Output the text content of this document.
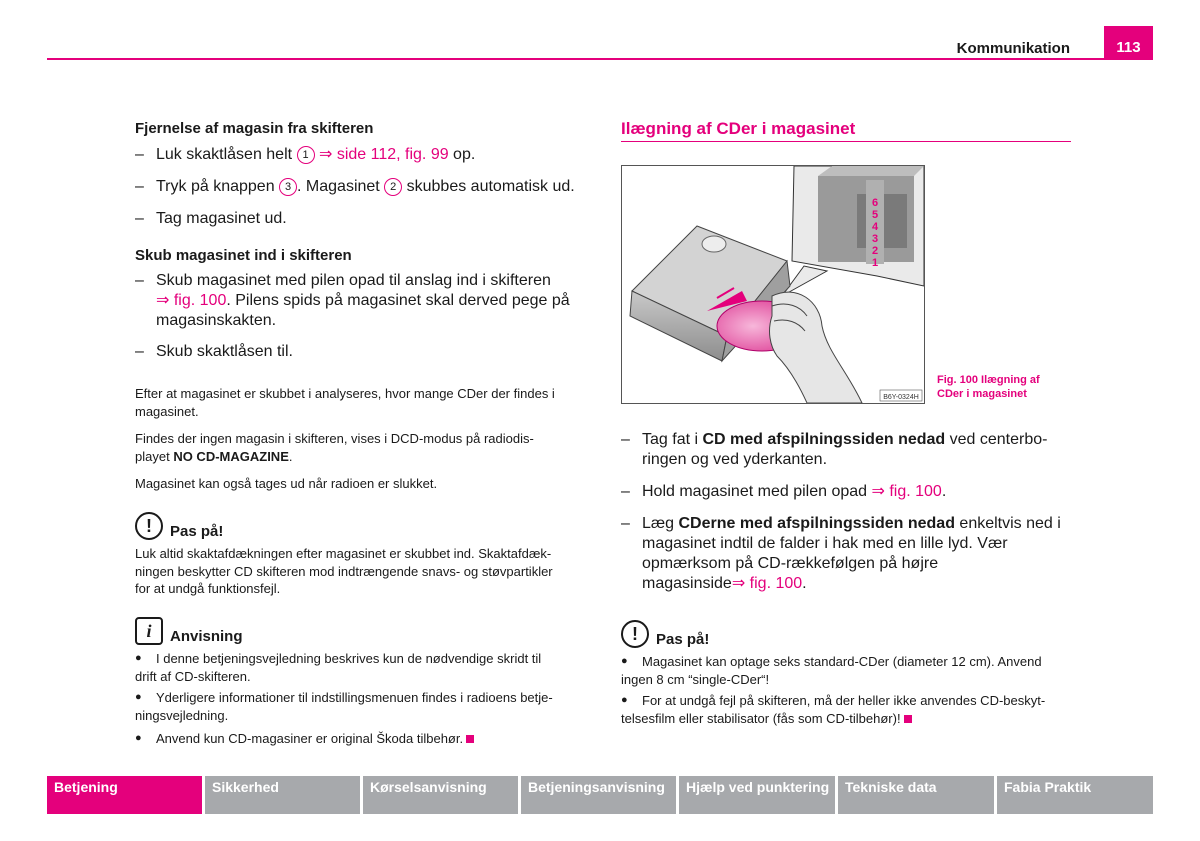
Kommunikation	113
Fjernelse af magasin fra skifteren
– Luk skaktlåsen helt 1 ⇒ side 112, fig. 99 op.
– Tryk på knappen 3 . Magasinet 2 skubbes automatisk ud.
– Tag magasinet ud.
Skub magasinet ind i skifteren
– Skub magasinet med pilen opad til anslag ind i skifteren
⇒ fig. 100. Pilens spids på magasinet skal derved pege på
magasinskakten.
– Skub skaktlåsen til.
Efter at magasinet er skubbet i analyseres, hvor mange CDer der findes i
magasinet.
Findes der ingen magasin i skifteren, vises i DCD-modus på radiodis-
playet NO CD-MAGAZINE.
Magasinet kan også tages ud når radioen er slukket.
!	Pas på!
Luk altid skaktafdækningen efter magasinet er skubbet ind. Skaktafdæk-
ningen beskytter CD skifteren mod indtrængende snavs- og støvpartikler
for at undgå funktionsfejl.
i	Anvisning
● I denne betjeningsvejledning beskrives kun de nødvendige skridt til
drift af CD-skifteren.
● Yderligere informationer til indstillingsmenuen findes i radioens betje-
ningsvejledning.
● Anvend kun CD-magasiner er original Škoda tilbehør.
Ilægning af CDer i magasinet
6
5
4
3
2
1
B6Y-0324H
Fig. 100 Ilægning af
CDer i magasinet
– Tag fat i CD med afspilningssiden nedad ved centerbo-
ringen og ved yderkanten.
– Hold magasinet med pilen opad ⇒ fig. 100.
– Læg CDerne med afspilningssiden nedad enkeltvis ned i
magasinet indtil de falder i hak med en lille lyd. Vær
opmærksom på CD-rækkefølgen på højre
magasinside⇒ fig. 100.
!	Pas på!
● Magasinet kan optage seks standard-CDer (diameter 12 cm). Anvend
ingen 8 cm “single-CDer“!
● For at undgå fejl på skifteren, må der heller ikke anvendes CD-beskyt-
telsesfilm eller stabilisator (fås som CD-tilbehør)!
Betjening	Sikkerhed	Kørselsanvisning	Betjeningsanvisning Hjælp ved punktering Tekniske data	Fabia Praktik
